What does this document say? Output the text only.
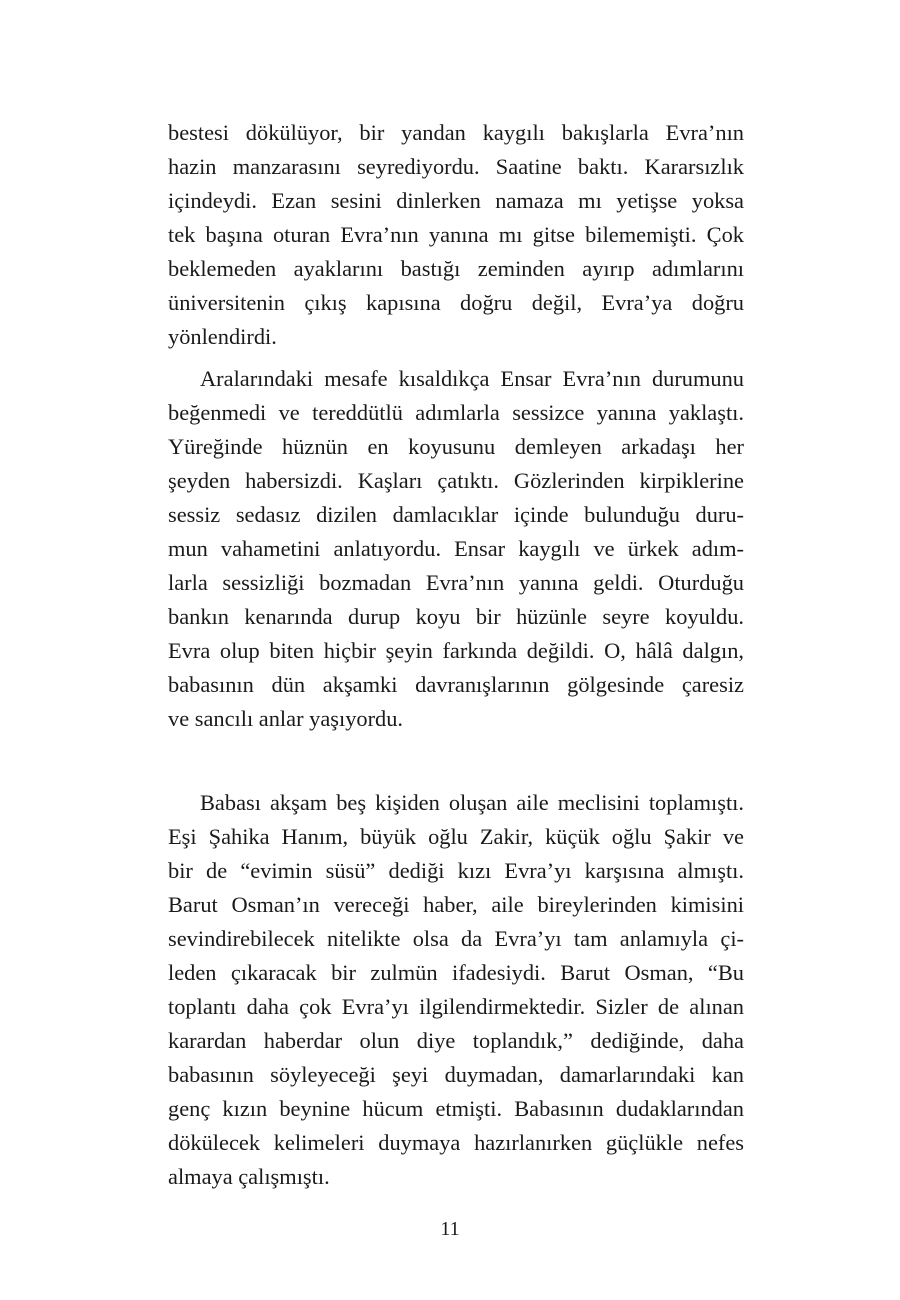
bestesi dökülüyor, bir yandan kaygılı bakışlarla Evra’nın
hazin manzarasını seyrediyordu. Saatine baktı. Kararsızlık
içindeydi. Ezan sesini dinlerken namaza mı yetişse yoksa
tek başına oturan Evra’nın yanına mı gitse bilememişti. Çok
beklemeden ayaklarını bastığı zeminden ayırıp adımlarını
üniversitenin çıkış kapısına doğru değil, Evra’ya doğru
yönlendirdi.
Aralarındaki mesafe kısaldıkça Ensar Evra’nın durumunu
beğenmedi ve tereddütlü adımlarla sessizce yanına yaklaştı.
Yüreğinde hüznün en koyusunu demleyen arkadaşı her
şeyden habersizdi. Kaşları çatıktı. Gözlerinden kirpiklerine
sessiz sedasız dizilen damlacıklar içinde bulunduğu duru-
mun vahametini anlatıyordu. Ensar kaygılı ve ürkek adım-
larla sessizliği bozmadan Evra’nın yanına geldi. Oturduğu
bankın kenarında durup koyu bir hüzünle seyre koyuldu.
Evra olup biten hiçbir şeyin farkında değildi. O, hâlâ dalgın,
babasının dün akşamki davranışlarının gölgesinde çaresiz
ve sancılı anlar yaşıyordu.
Babası akşam beş kişiden oluşan aile meclisini toplamıştı.
Eşi Şahika Hanım, büyük oğlu Zakir, küçük oğlu Şakir ve
bir de “evimin süsü” dediği kızı Evra’yı karşısına almıştı.
Barut Osman’ın vereceği haber, aile bireylerinden kimisini
sevindirebilecek nitelikte olsa da Evra’yı tam anlamıyla çi-
leden çıkaracak bir zulmün ifadesiydi. Barut Osman, “Bu
toplantı daha çok Evra’yı ilgilendirmektedir. Sizler de alınan
karardan haberdar olun diye toplandık,” dediğinde, daha
babasının söyleyeceği şeyi duymadan, damarlarındaki kan
genç kızın beynine hücum etmişti. Babasının dudaklarından
dökülecek kelimeleri duymaya hazırlanırken güçlükle nefes
almaya çalışmıştı.
11
